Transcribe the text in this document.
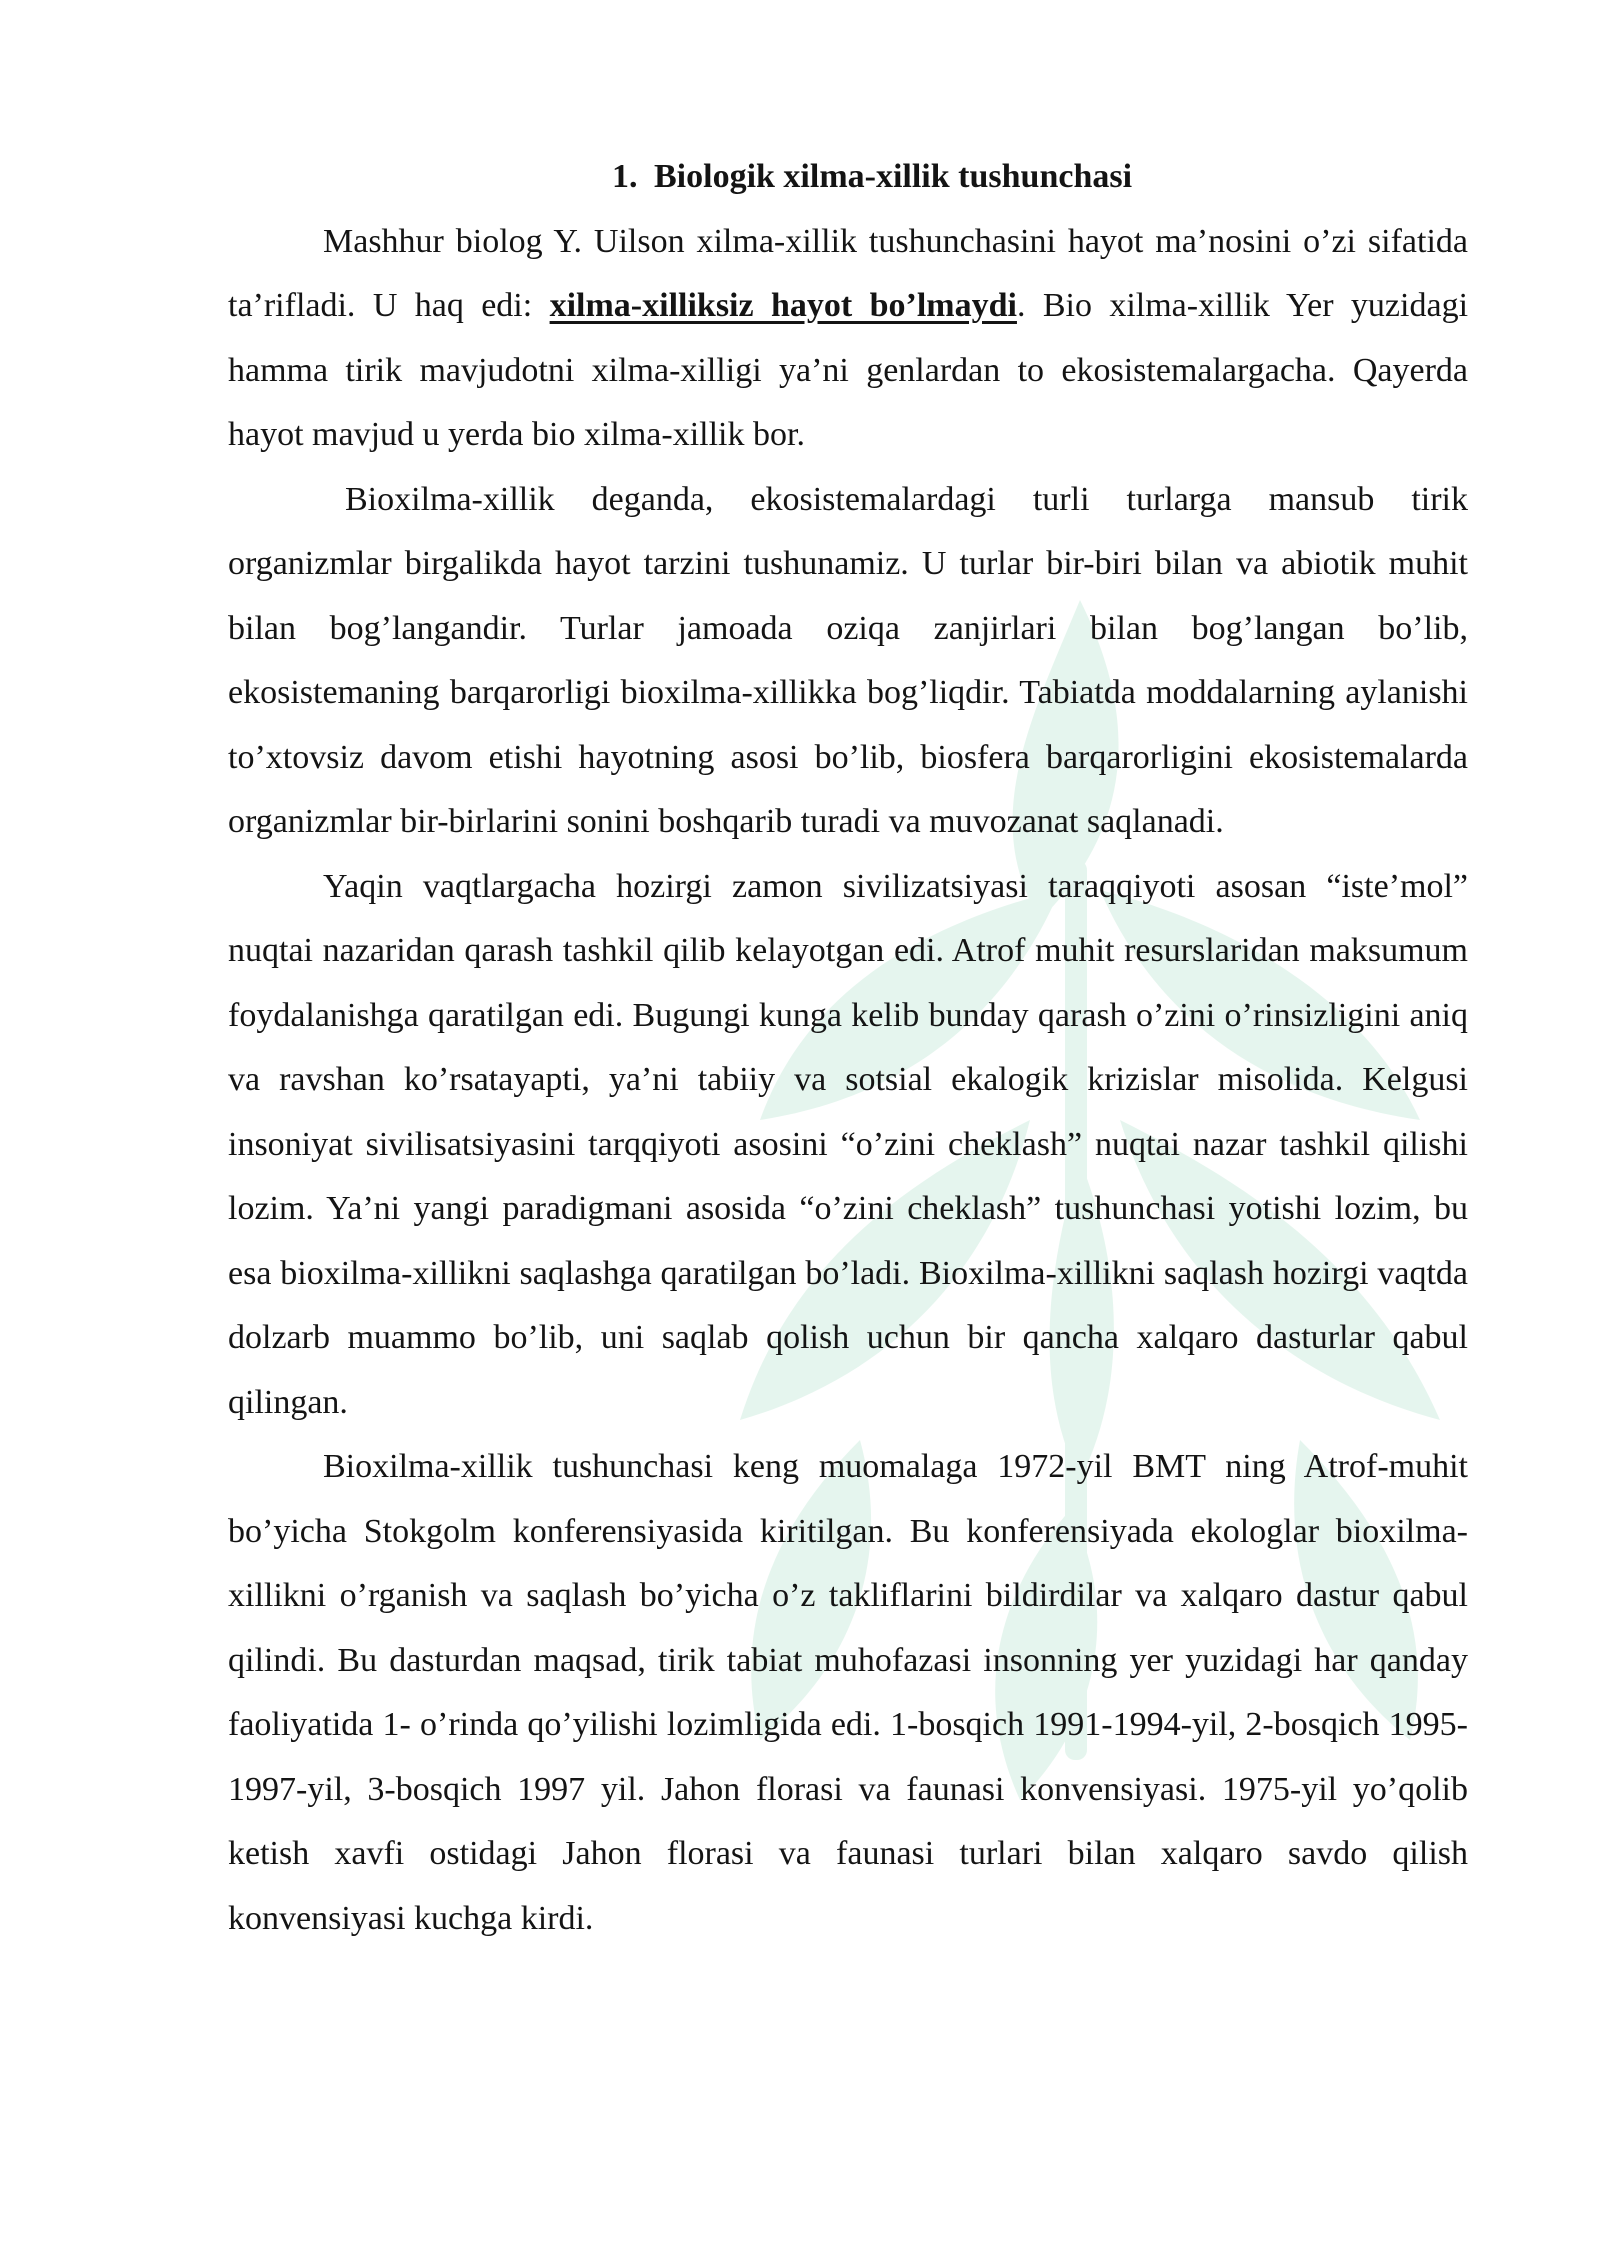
1. Biologik xilma-xillik tushunchasi

Mashhur biolog Y. Uilson xilma-xillik tushunchasini hayot ma’nosini o’zi sifatida ta’rifladi. U haq edi: xilma-xilliksiz hayot bo’lmaydi. Bio xilma-xillik Yer yuzidagi hamma tirik mavjudotni xilma-xilligi ya’ni genlardan to ekosistemalargacha. Qayerda hayot mavjud u yerda bio xilma-xillik bor.

Bioxilma-xillik deganda, ekosistemalardagi turli turlarga mansub tirik organizmlar birgalikda hayot tarzini tushunamiz. U turlar bir-biri bilan va abiotik muhit bilan bog’langandir. Turlar jamoada oziqa zanjirlari bilan bog’langan bo’lib, ekosistemaning barqarorligi bioxilma-xillikka bog’liqdir. Tabiatda moddalarning aylanishi to’xtovsiz davom etishi hayotning asosi bo’lib, biosfera barqarorligini ekosistemalarda organizmlar bir-birlarini sonini boshqarib turadi va muvozanat saqlanadi.

Yaqin vaqtlargacha hozirgi zamon sivilizatsiyasi taraqqiyoti asosan “iste’mol” nuqtai nazaridan qarash tashkil qilib kelayotgan edi. Atrof muhit resurslaridan maksumum foydalanishga qaratilgan edi. Bugungi kunga kelib bunday qarash o’zini o’rinsizligini aniq va ravshan ko’rsatayapti, ya’ni tabiiy va sotsial ekalogik krizislar misolida. Kelgusi insoniyat sivilisatsiyasini tarqqiyoti asosini “o’zini cheklash” nuqtai nazar tashkil qilishi lozim. Ya’ni yangi paradigmani asosida “o’zini cheklash” tushunchasi yotishi lozim, bu esa bioxilma-xillikni saqlashga qaratilgan bo’ladi. Bioxilma-xillikni saqlash hozirgi vaqtda dolzarb muammo bo’lib, uni saqlab qolish uchun bir qancha xalqaro dasturlar qabul qilingan.

Bioxilma-xillik tushunchasi keng muomalaga 1972-yil BMT ning Atrof-muhit bo’yicha Stokgolm konferensiyasida kiritilgan. Bu konferensiyada ekologlar bioxilma-xillikni o’rganish va saqlash bo’yicha o’z takliflarini bildirdilar va xalqaro dastur qabul qilindi. Bu dasturdan maqsad, tirik tabiat muhofazasi insonning yer yuzidagi har qanday faoliyatida 1- o’rinda qo’yilishi lozimligida edi. 1-bosqich 1991-1994-yil, 2-bosqich 1995- 1997-yil, 3-bosqich 1997 yil. Jahon florasi va faunasi konvensiyasi. 1975-yil yo’qolib ketish xavfi ostidagi Jahon florasi va faunasi turlari bilan xalqaro savdo qilish konvensiyasi kuchga kirdi.
